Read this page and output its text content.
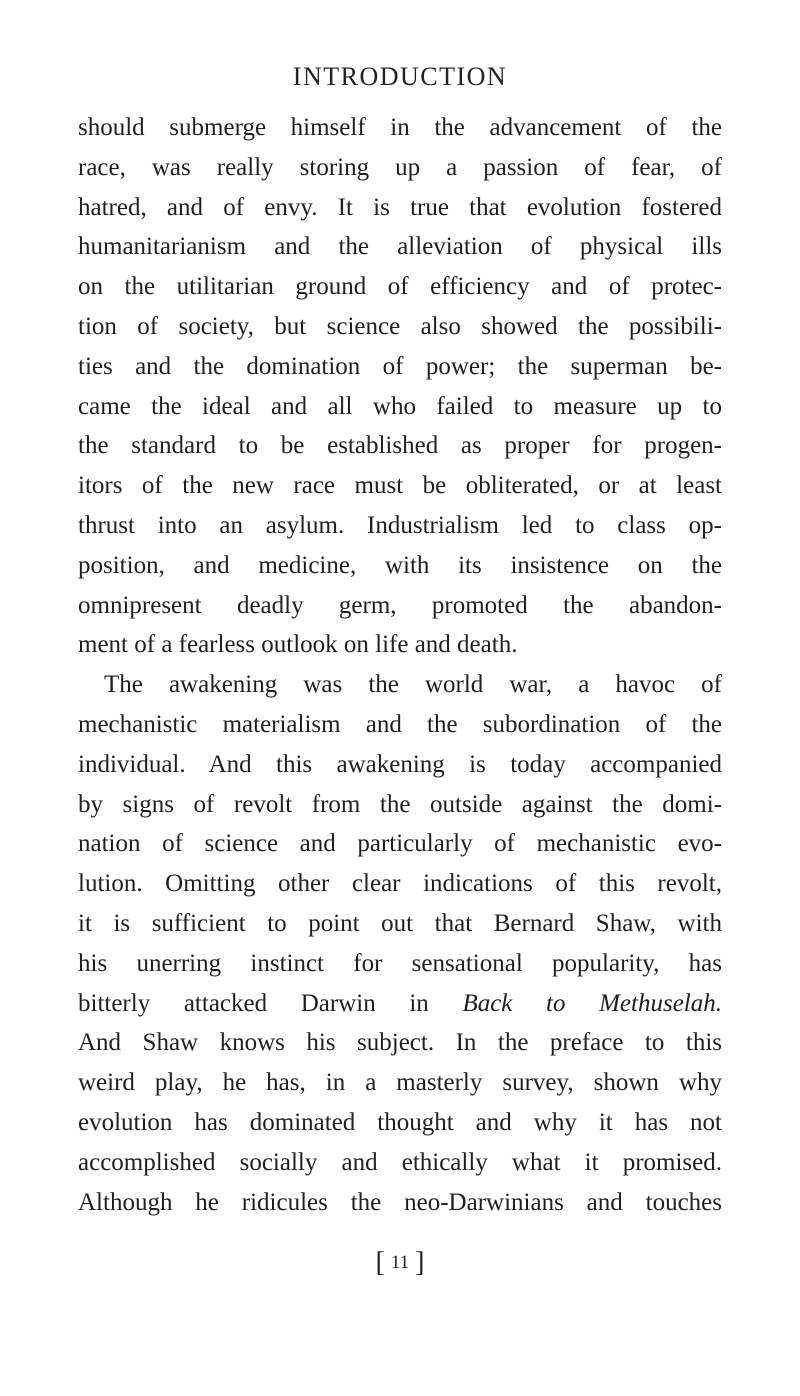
INTRODUCTION
should submerge himself in the advancement of the
race, was really storing up a passion of fear, of
hatred, and of envy. It is true that evolution fostered
humanitarianism and the alleviation of physical ills
on the utilitarian ground of efficiency and of protec-
tion of society, but science also showed the possibili-
ties and the domination of power; the superman be-
came the ideal and all who failed to measure up to
the standard to be established as proper for progen-
itors of the new race must be obliterated, or at least
thrust into an asylum. Industrialism led to class op-
position, and medicine, with its insistence on the
omnipresent deadly germ, promoted the abandon-
ment of a fearless outlook on life and death.
The awakening was the world war, a havoc of
mechanistic materialism and the subordination of the
individual. And this awakening is today accompanied
by signs of revolt from the outside against the domi-
nation of science and particularly of mechanistic evo-
lution. Omitting other clear indications of this revolt,
it is sufficient to point out that Bernard Shaw, with
his unerring instinct for sensational popularity, has
bitterly attacked Darwin in Back to Methuselah.
And Shaw knows his subject. In the preface to this
weird play, he has, in a masterly survey, shown why
evolution has dominated thought and why it has not
accomplished socially and ethically what it promised.
Although he ridicules the neo-Darwinians and touches
[ 11 ]
